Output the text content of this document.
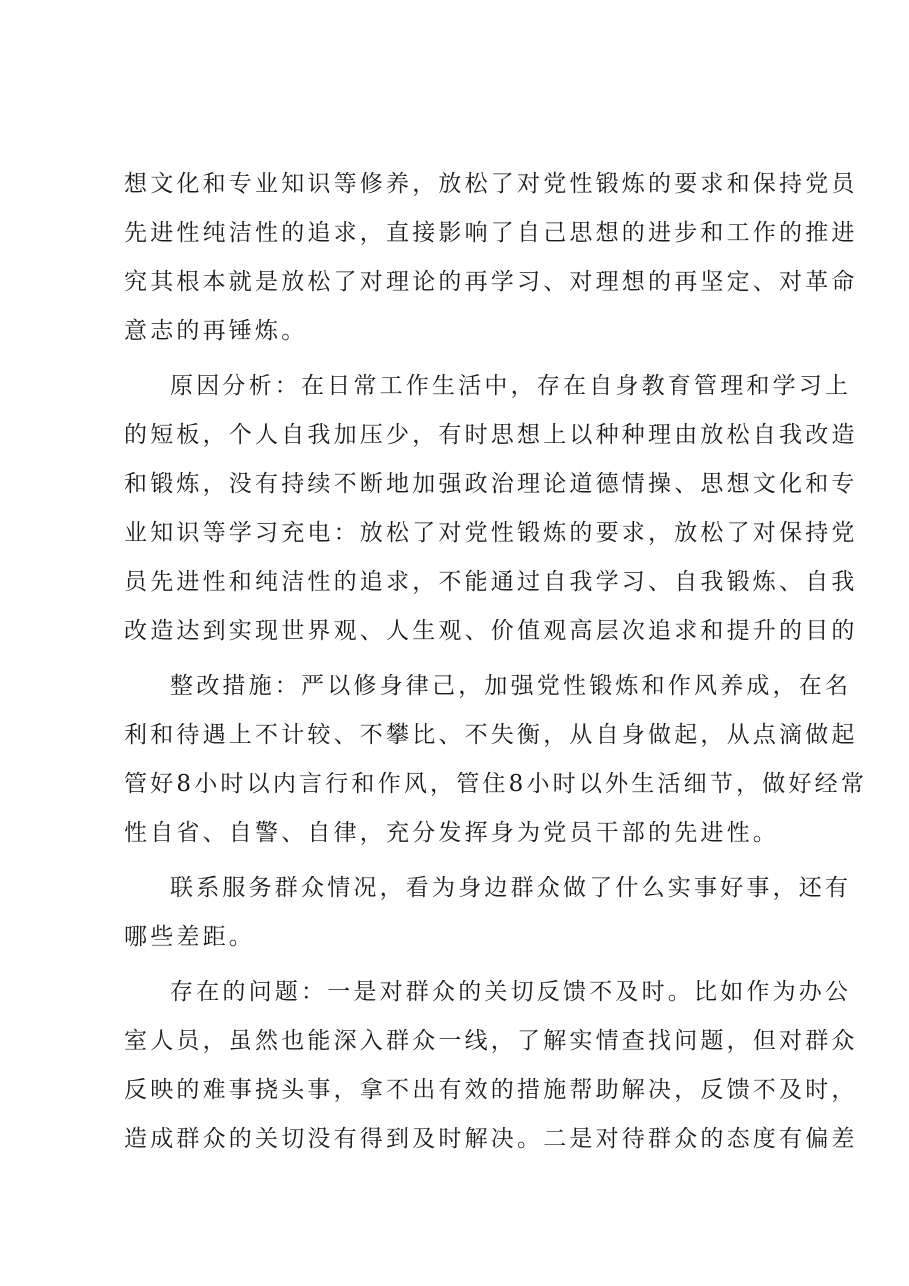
想文化和专业知识等修养，放松了对党性锻炼的要求和保持党员
先进性纯洁性的追求，直接影响了自己思想的进步和工作的推进
究其根本就是放松了对理论的再学习、对理想的再坚定、对革命
意志的再锤炼。
原因分析：在日常工作生活中，存在自身教育管理和学习上
的短板，个人自我加压少，有时思想上以种种理由放松自我改造
和锻炼，没有持续不断地加强政治理论道德情操、思想文化和专
业知识等学习充电：放松了对党性锻炼的要求，放松了对保持党
员先进性和纯洁性的追求，不能通过自我学习、自我锻炼、自我
改造达到实现世界观、人生观、价值观高层次追求和提升的目的
整改措施：严以修身律己，加强党性锻炼和作风养成，在名
利和待遇上不计较、不攀比、不失衡，从自身做起，从点滴做起
管好8小时以内言行和作风，管住8小时以外生活细节，做好经常
性自省、自警、自律，充分发挥身为党员干部的先进性。
联系服务群众情况，看为身边群众做了什么实事好事，还有
哪些差距。
存在的问题：一是对群众的关切反馈不及时。比如作为办公
室人员，虽然也能深入群众一线，了解实情查找问题，但对群众
反映的难事挠头事，拿不出有效的措施帮助解决，反馈不及时，
造成群众的关切没有得到及时解决。二是对待群众的态度有偏差
